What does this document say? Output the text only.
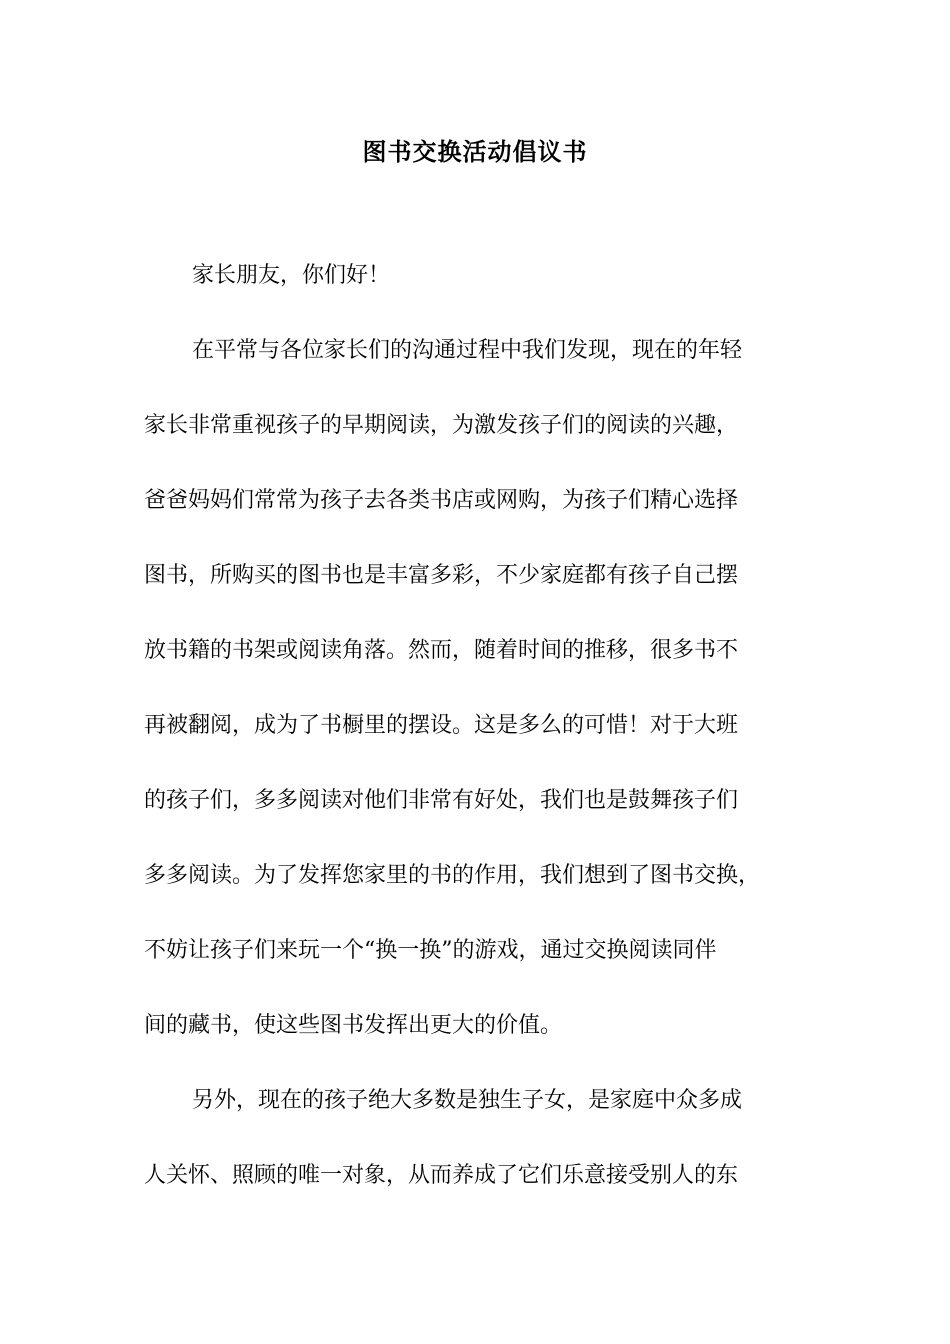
图书交换活动倡议书

家长朋友，你们好！

在平常与各位家长们的沟通过程中我们发现，现在的年轻
家长非常重视孩子的早期阅读，为激发孩子们的阅读的兴趣，
爸爸妈妈们常常为孩子去各类书店或网购，为孩子们精心选择
图书，所购买的图书也是丰富多彩，不少家庭都有孩子自己摆
放书籍的书架或阅读角落。然而，随着时间的推移，很多书不
再被翻阅，成为了书橱里的摆设。这是多么的可惜！对于大班
的孩子们，多多阅读对他们非常有好处，我们也是鼓舞孩子们
多多阅读。为了发挥您家里的书的作用，我们想到了图书交换，
不妨让孩子们来玩一个“换一换”的游戏，通过交换阅读同伴
间的藏书，使这些图书发挥出更大的价值。

另外，现在的孩子绝大多数是独生子女，是家庭中众多成
人关怀、照顾的唯一对象，从而养成了它们乐意接受别人的东
